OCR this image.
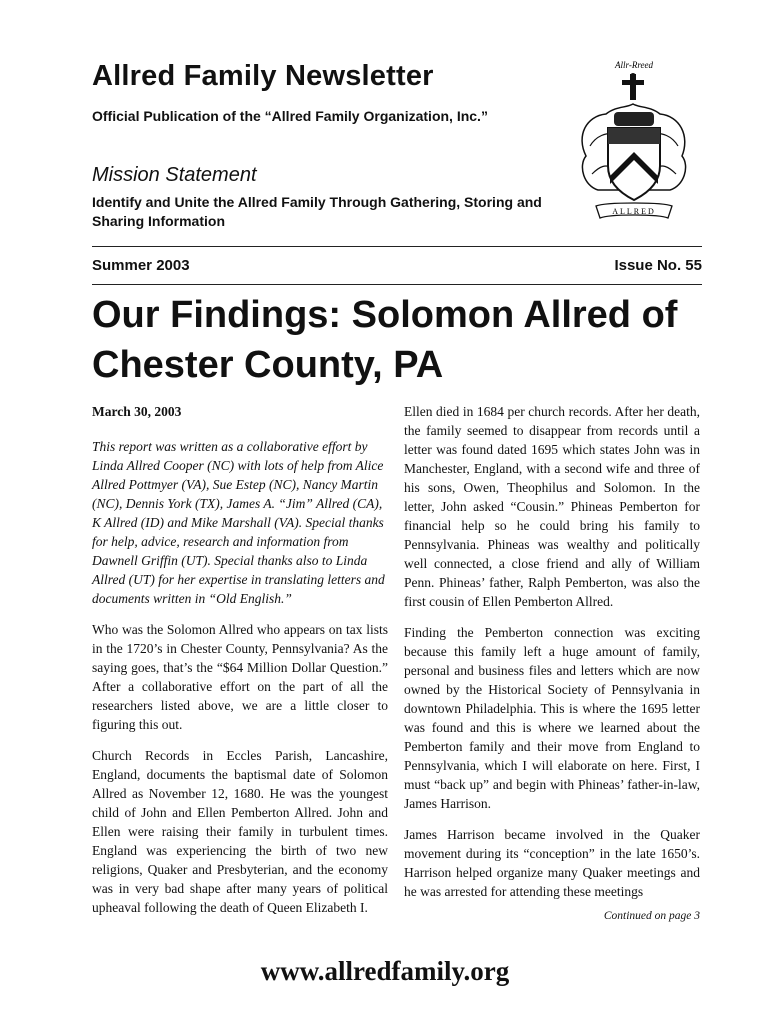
Allred Family Newsletter
Official Publication of the “Allred Family Organization, Inc.”
Mission Statement
Identify and Unite the Allred Family Through Gathering, Storing and Sharing Information
Allr-Rreed
ALLRED
Summer 2003	Issue No. 55
Our Findings: Solomon Allred of Chester County, PA

March 30, 2003

This report was written as a collaborative effort by Linda Allred Cooper (NC) with lots of help from Alice Allred Pottmyer (VA), Sue Estep (NC), Nancy Martin (NC), Dennis York (TX), James A. “Jim” Allred (CA), K Allred (ID) and Mike Marshall (VA). Special thanks for help, advice, research and information from Dawnell Griffin (UT). Special thanks also to Linda Allred (UT) for her expertise in translating letters and documents written in “Old English.”

Who was the Solomon Allred who appears on tax lists in the 1720’s in Chester County, Pennsylvania? As the saying goes, that’s the “$64 Million Dollar Question.” After a collaborative effort on the part of all the researchers listed above, we are a little closer to figuring this out.

Church Records in Eccles Parish, Lancashire, England, documents the baptismal date of Solomon Allred as November 12, 1680. He was the youngest child of John and Ellen Pemberton Allred. John and Ellen were raising their family in turbulent times. England was experiencing the birth of two new religions, Quaker and Presbyterian, and the economy was in very bad shape after many years of political upheaval following the death of Queen Elizabeth I.

Ellen died in 1684 per church records. After her death, the family seemed to disappear from records until a letter was found dated 1695 which states John was in Manchester, England, with a second wife and three of his sons, Owen, Theophilus and Solomon. In the letter, John asked “Cousin.” Phineas Pemberton for financial help so he could bring his family to Pennsylvania. Phineas was wealthy and politically well connected, a close friend and ally of William Penn. Phineas’ father, Ralph Pemberton, was also the first cousin of Ellen Pemberton Allred.

Finding the Pemberton connection was exciting because this family left a huge amount of family, personal and business files and letters which are now owned by the Historical Society of Pennsylvania in downtown Philadelphia. This is where the 1695 letter was found and this is where we learned about the Pemberton family and their move from England to Pennsylvania, which I will elaborate on here. First, I must “back up” and begin with Phineas’ father-in-law, James Harrison.

James Harrison became involved in the Quaker movement during its “conception” in the late 1650’s. Harrison helped organize many Quaker meetings and he was arrested for attending these meetings

Continued on page 3

www.allredfamily.org
